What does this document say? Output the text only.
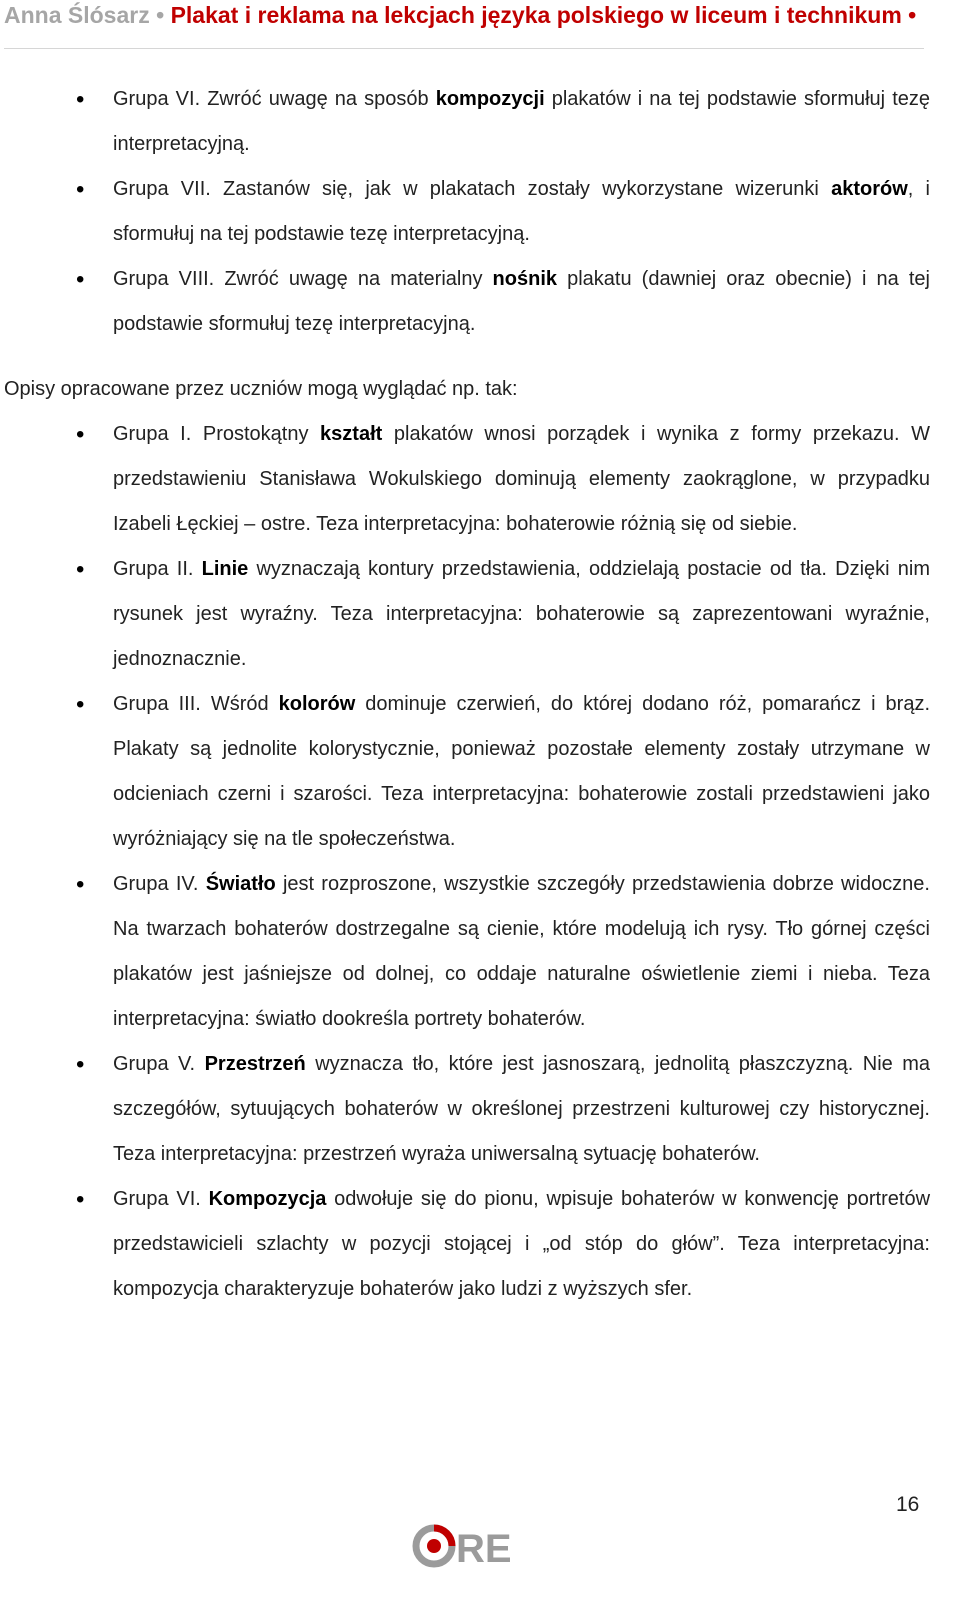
Anna Ślósarz • Plakat i reklama na lekcjach języka polskiego w liceum i technikum •
• Grupa VI. Zwróć uwagę na sposób kompozycji plakatów i na tej podstawie sformułuj tezę interpretacyjną.
• Grupa VII. Zastanów się, jak w plakatach zostały wykorzystane wizerunki aktorów, i sformułuj na tej podstawie tezę interpretacyjną.
• Grupa VIII. Zwróć uwagę na materialny nośnik plakatu (dawniej oraz obecnie) i na tej podstawie sformułuj tezę interpretacyjną.

Opisy opracowane przez uczniów mogą wyglądać np. tak:

• Grupa I. Prostokątny kształt plakatów wnosi porządek i wynika z formy przekazu. W przedstawieniu Stanisława Wokulskiego dominują elementy zaokrąglone, w przypadku Izabeli Łęckiej – ostre. Teza interpretacyjna: bohaterowie różnią się od siebie.
• Grupa II. Linie wyznaczają kontury przedstawienia, oddzielają postacie od tła. Dzięki nim rysunek jest wyraźny. Teza interpretacyjna: bohaterowie są zaprezentowani wyraźnie, jednoznacznie.
• Grupa III. Wśród kolorów dominuje czerwień, do której dodano róż, pomarańcz i brąz. Plakaty są jednolite kolorystycznie, ponieważ pozostałe elementy zostały utrzymane w odcieniach czerni i szarości. Teza interpretacyjna: bohaterowie zostali przedstawieni jako wyróżniający się na tle społeczeństwa.
• Grupa IV. Światło jest rozproszone, wszystkie szczegóły przedstawienia dobrze widoczne. Na twarzach bohaterów dostrzegalne są cienie, które modelują ich rysy. Tło górnej części plakatów jest jaśniejsze od dolnej, co oddaje naturalne oświetlenie ziemi i nieba. Teza interpretacyjna: światło dookreśla portrety bohaterów.
• Grupa V. Przestrzeń wyznacza tło, które jest jasnoszarą, jednolitą płaszczyzną. Nie ma szczegółów, sytuujących bohaterów w określonej przestrzeni kulturowej czy historycznej. Teza interpretacyjna: przestrzeń wyraża uniwersalną sytuację bohaterów.
• Grupa VI. Kompozycja odwołuje się do pionu, wpisuje bohaterów w konwencję portretów przedstawicieli szlachty w pozycji stojącej i „od stóp do głów”. Teza interpretacyjna: kompozycja charakteryzuje bohaterów jako ludzi z wyższych sfer.
16
RE
